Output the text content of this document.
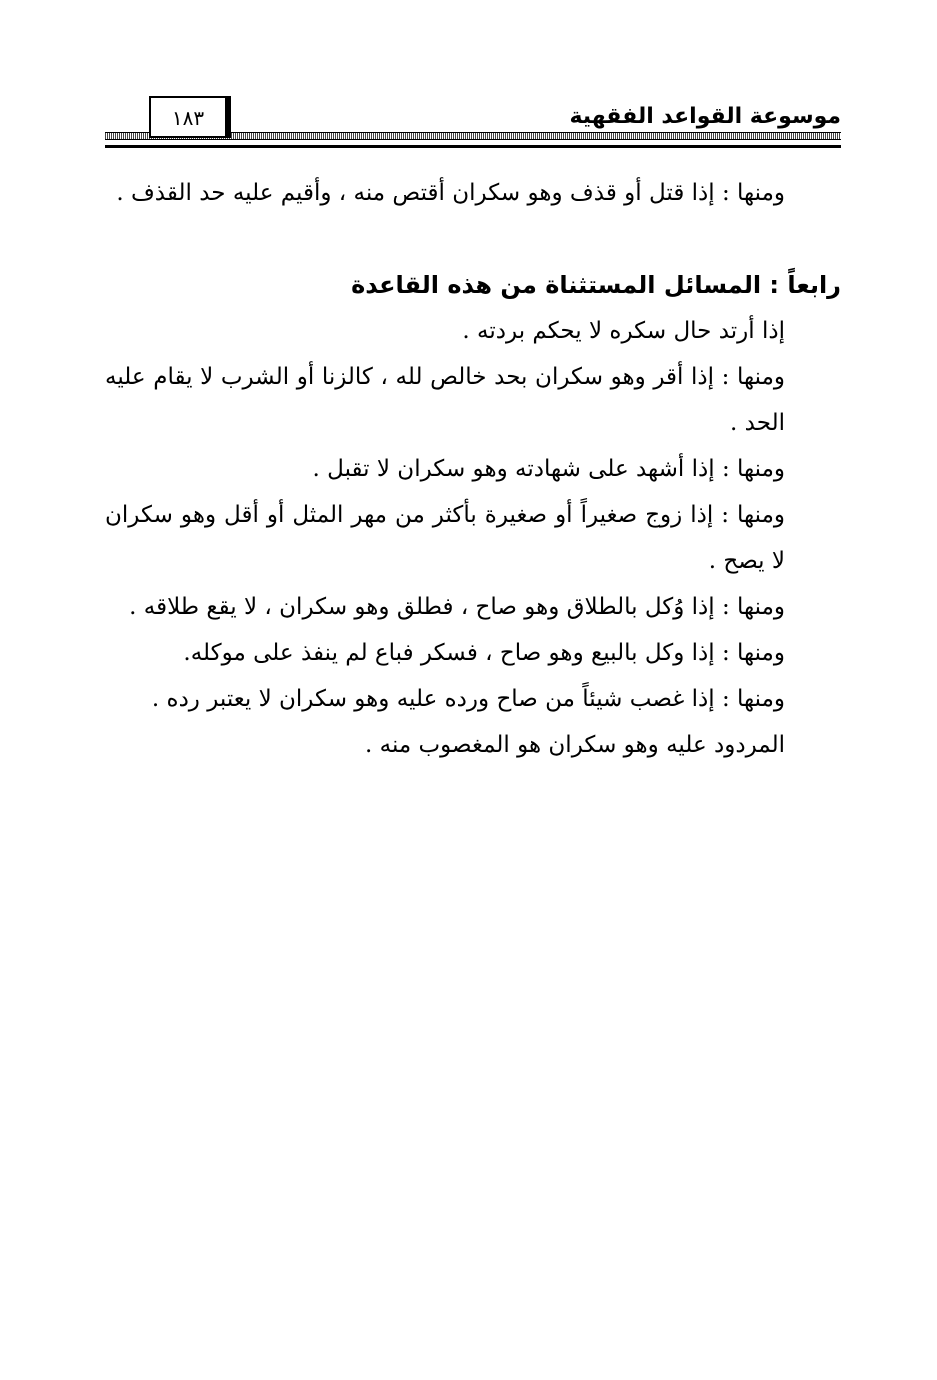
موسوعة القواعد الفقهية
١٨٣

ومنها : إذا قتل أو قذف وهو سكران أقتص منه ، وأقيم عليه حد القذف .

رابعاً : المسائل المستثناة من هذه القاعدة

إذا أرتد حال سكره لا يحكم بردته .

ومنها : إذا أقر وهو سكران بحد خالص لله ، كالزنا أو الشرب لا يقام عليه الحد .

ومنها : إذا أشهد على شهادته وهو سكران لا تقبل .

ومنها : إذا زوج صغيراً أو صغيرة بأكثر من مهر المثل أو أقل وهو سكران لا يصح .

ومنها : إذا وُكل بالطلاق وهو صاح ، فطلق وهو سكران ، لا يقع طلاقه .

ومنها : إذا وكل بالبيع وهو صاح ، فسكر فباع لم ينفذ على موكله.

ومنها : إذا غصب شيئاً من صاح ورده عليه وهو سكران لا يعتبر رده .

المردود عليه وهو سكران هو المغصوب منه .
